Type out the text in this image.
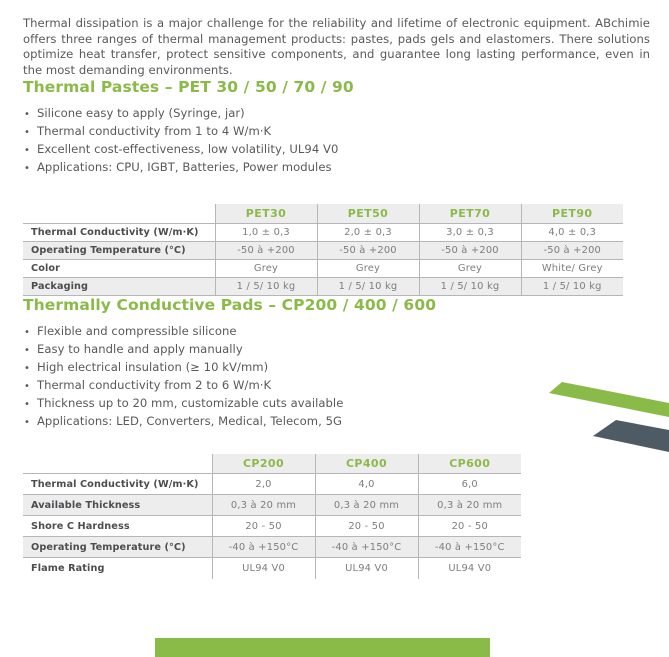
Thermal dissipation is a major challenge for the reliability and lifetime of electronic equipment. ABchimie offers three ranges of thermal management products: pastes, pads gels and elastomers. There solutions optimize heat transfer, protect sensitive components, and guarantee long lasting performance, even in the most demanding environments.

Thermal Pastes – PET 30 / 50 / 70 / 90
• Silicone easy to apply (Syringe, jar)
• Thermal conductivity from 1 to 4 W/m·K
• Excellent cost-effectiveness, low volatility, UL94 V0
• Applications: CPU, IGBT, Batteries, Power modules
	PET30	PET50	PET70	PET90
Thermal Conductivity (W/m·K)	1,0 ± 0,3	2,0 ± 0,3	3,0 ± 0,3	4,0 ± 0,3
Operating Temperature (°C)	-50 à +200	-50 à +200	-50 à +200	-50 à +200
Color	Grey	Grey	Grey	White/ Grey
Packaging	1 / 5/ 10 kg	1 / 5/ 10 kg	1 / 5/ 10 kg	1 / 5/ 10 kg
Thermally Conductive Pads – CP200 / 400 / 600
• Flexible and compressible silicone
• Easy to handle and apply manually
• High electrical insulation (≥ 10 kV/mm)
• Thermal conductivity from 2 to 6 W/m·K
• Thickness up to 20 mm, customizable cuts available
• Applications: LED, Converters, Medical, Telecom, 5G
	CP200	CP400	CP600
Thermal Conductivity (W/m·K)	2,0	4,0	6,0
Available Thickness	0,3 à 20 mm	0,3 à 20 mm	0,3 à 20 mm
Shore C Hardness	20 - 50	20 - 50	20 - 50
Operating Temperature (°C)	-40 à +150°C	-40 à +150°C	-40 à +150°C
Flame Rating	UL94 V0	UL94 V0	UL94 V0
